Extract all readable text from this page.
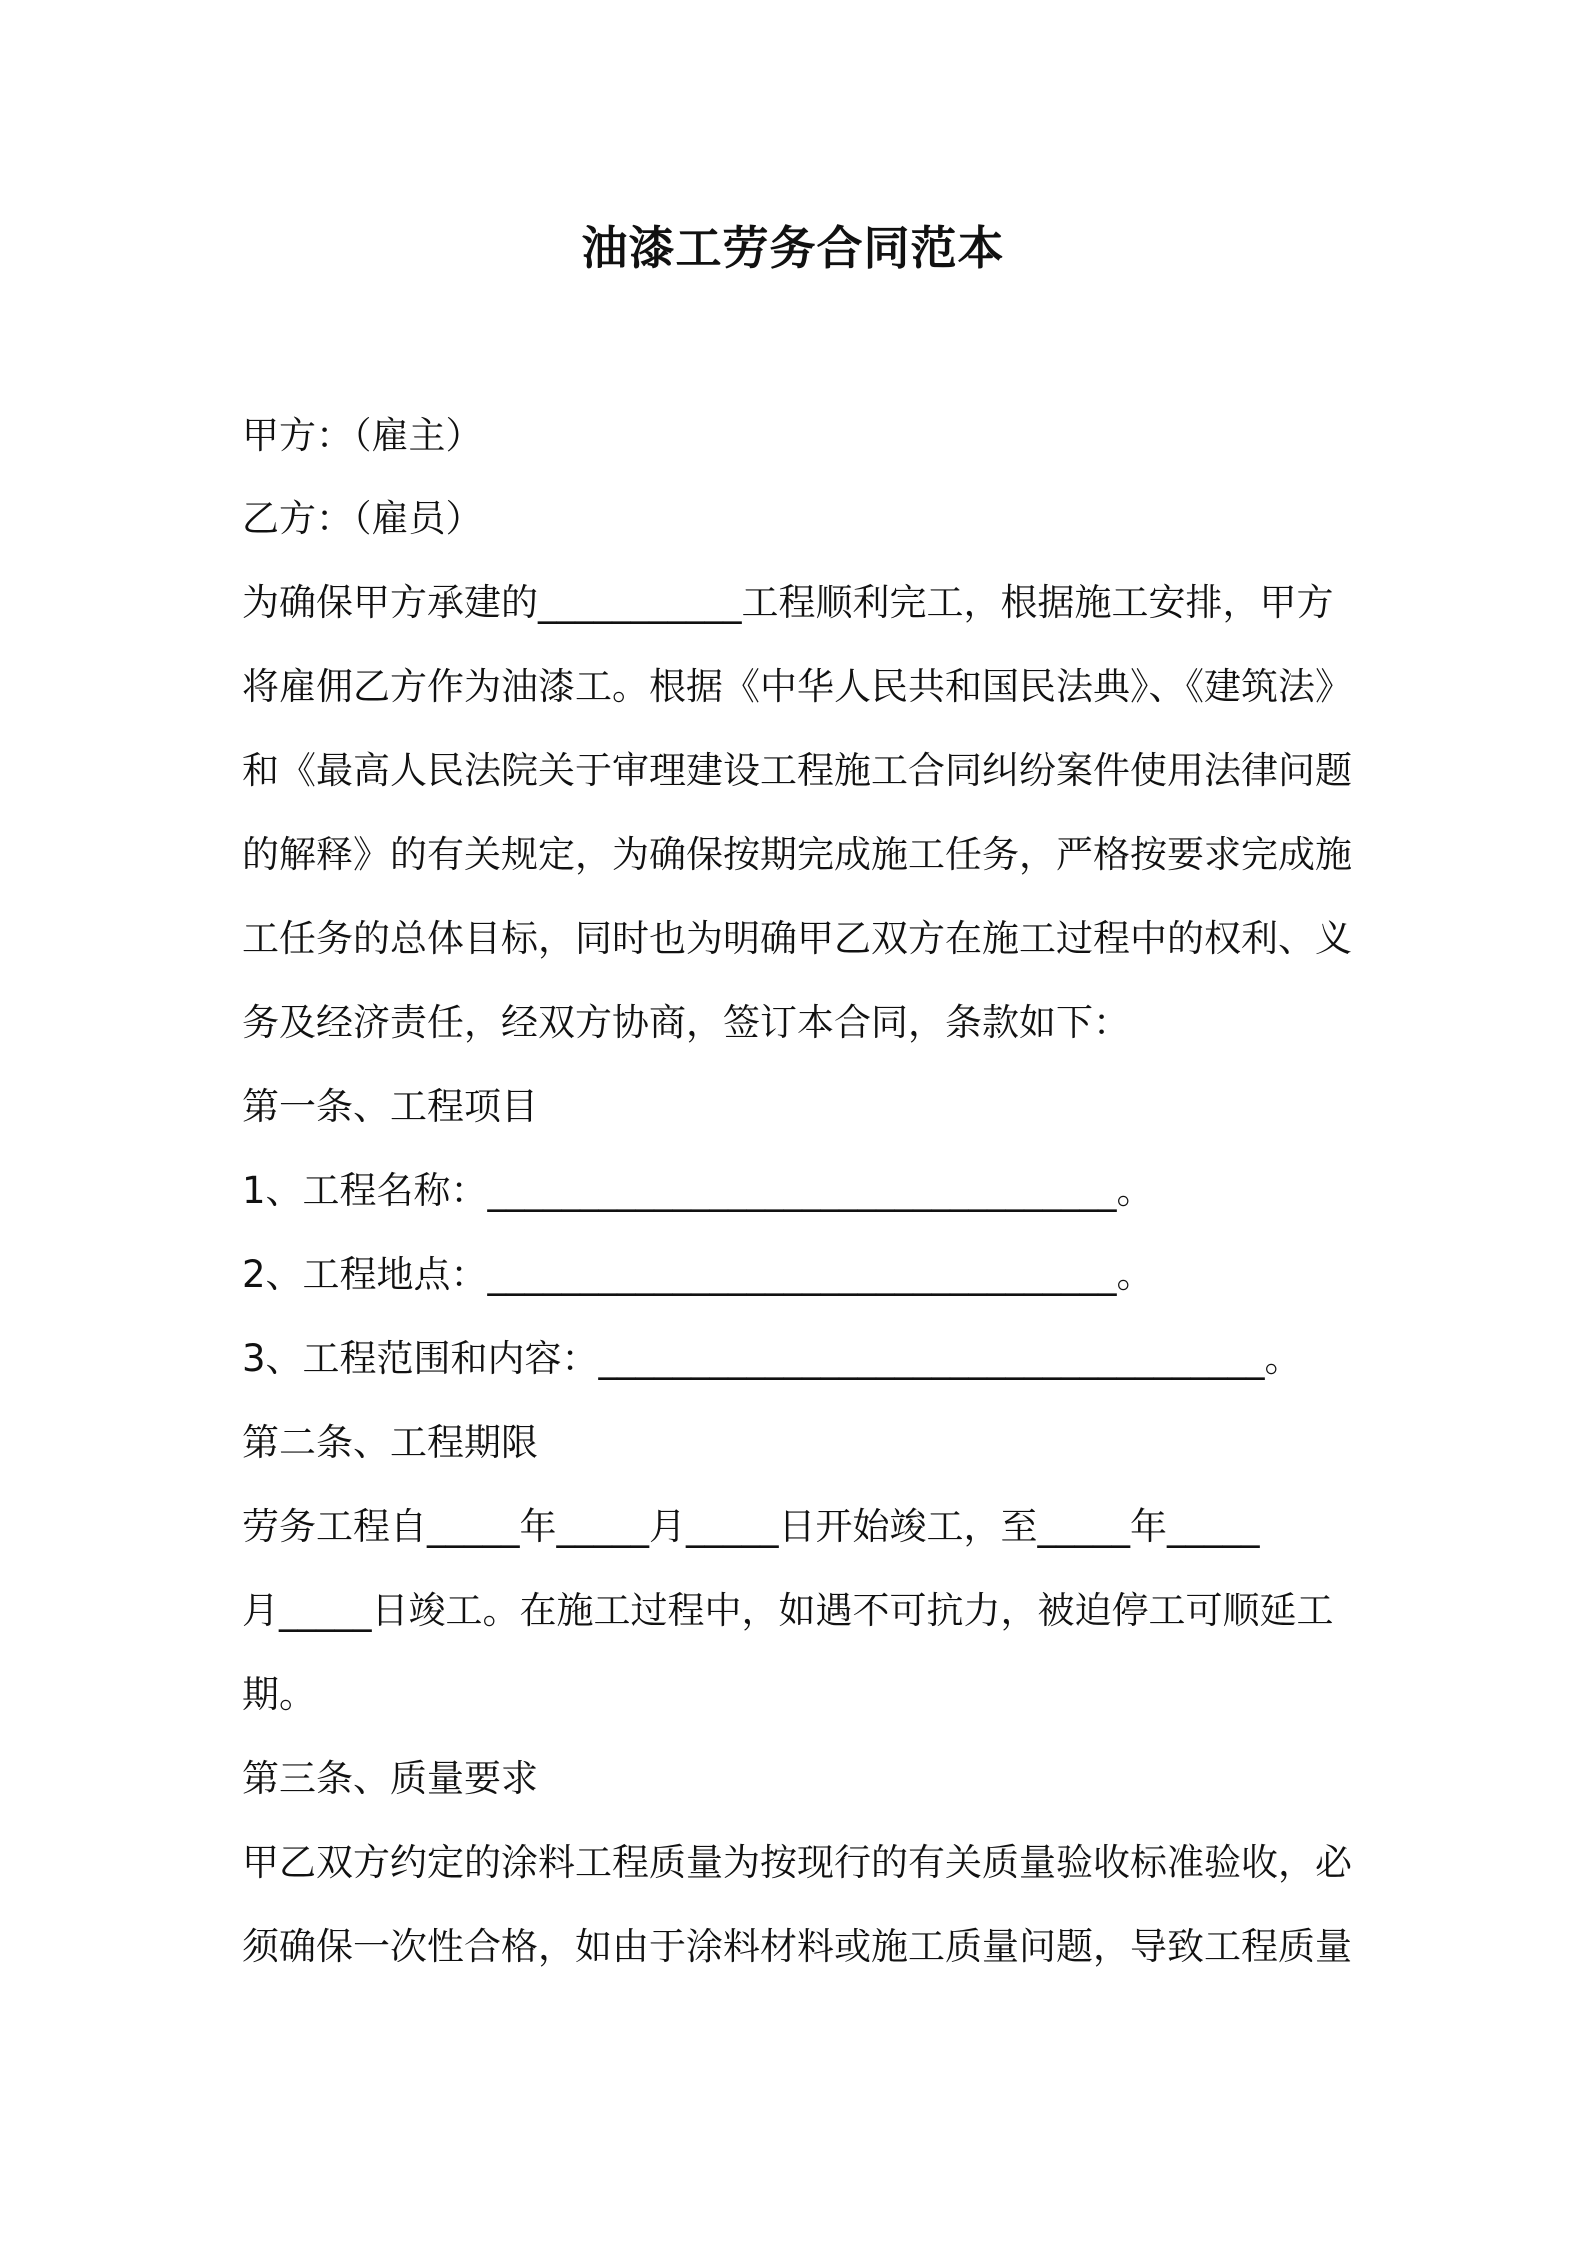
油漆工劳务合同范本
甲方：（雇主）
乙方：（雇员）
为确保甲方承建的___________工程顺利完工，根据施工安排，甲方
将雇佣乙方作为油漆工。根据《中华人民共和国民法典》、《建筑法》
和《最高人民法院关于审理建设工程施工合同纠纷案件使用法律问题
的解释》的有关规定，为确保按期完成施工任务，严格按要求完成施
工任务的总体目标，同时也为明确甲乙双方在施工过程中的权利、义
务及经济责任，经双方协商，签订本合同，条款如下：
第一条、工程项目
1、工程名称：__________________________________。
2、工程地点：__________________________________。
3、工程范围和内容：____________________________________。
第二条、工程期限
劳务工程自_____年_____月_____日开始竣工，至_____年_____
月_____日竣工。在施工过程中，如遇不可抗力，被迫停工可顺延工
期。
第三条、质量要求
甲乙双方约定的涂料工程质量为按现行的有关质量验收标准验收，必
须确保一次性合格，如由于涂料材料或施工质量问题，导致工程质量
